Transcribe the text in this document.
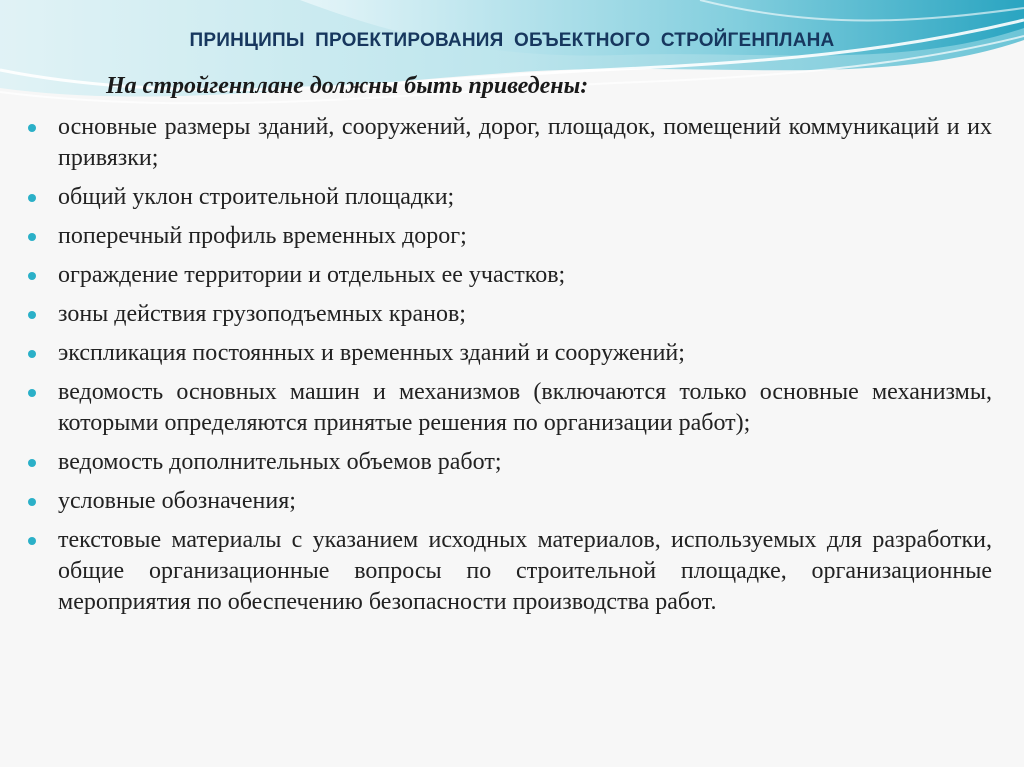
ПРИНЦИПЫ ПРОЕКТИРОВАНИЯ ОБЪЕКТНОГО СТРОЙГЕНПЛАНА

На стройгенплане должны быть приведены:

основные размеры зданий, сооружений, дорог, площадок, помещений коммуникаций и их привязки;
общий уклон строительной площадки;
поперечный профиль временных дорог;
ограждение территории и отдельных ее участков;
зоны действия грузоподъемных кранов;
экспликация постоянных и временных зданий и сооружений;
ведомость основных машин и механизмов (включаются только основные механизмы, которыми определяются принятые решения по организации работ);
ведомость дополнительных объемов работ;
условные обозначения;
текстовые материалы с указанием исходных материалов, используемых для разработки, общие организационные вопросы по строительной площадке, организационные мероприятия по обеспечению безопасности производства работ.
